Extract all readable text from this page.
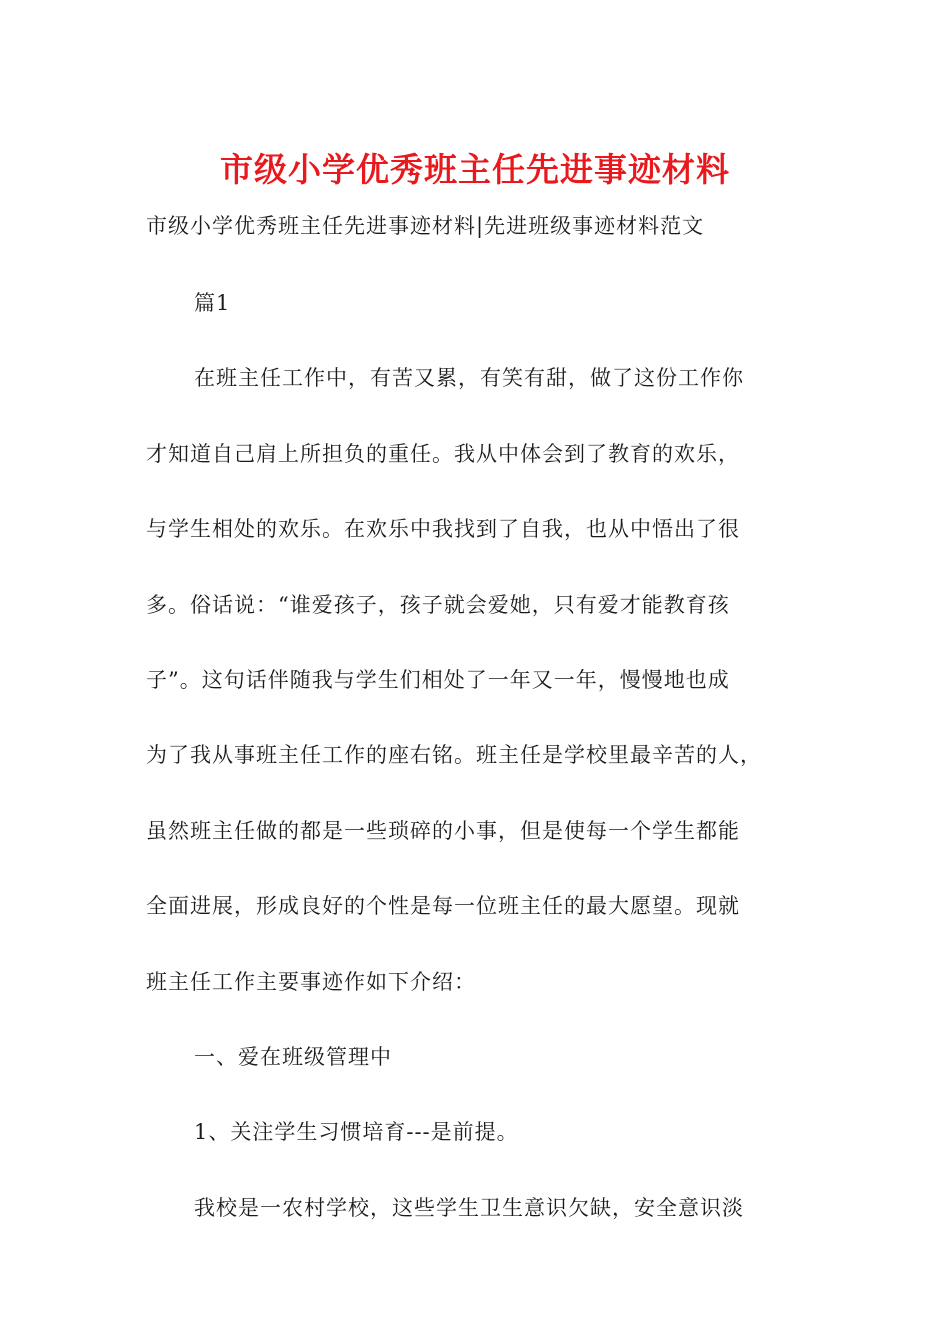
市级小学优秀班主任先进事迹材料

市级小学优秀班主任先进事迹材料|先进班级事迹材料范文

篇1

在班主任工作中，有苦又累，有笑有甜，做了这份工作你

才知道自己肩上所担负的重任。我从中体会到了教育的欢乐，

与学生相处的欢乐。在欢乐中我找到了自我，也从中悟出了很

多。俗话说：“谁爱孩子，孩子就会爱她，只有爱才能教育孩

子”。这句话伴随我与学生们相处了一年又一年，慢慢地也成

为了我从事班主任工作的座右铭。班主任是学校里最辛苦的人，

虽然班主任做的都是一些琐碎的小事，但是使每一个学生都能

全面进展，形成良好的个性是每一位班主任的最大愿望。现就

班主任工作主要事迹作如下介绍：

一、爱在班级管理中

1、关注学生习惯培育---是前提。

我校是一农村学校，这些学生卫生意识欠缺，安全意识淡
